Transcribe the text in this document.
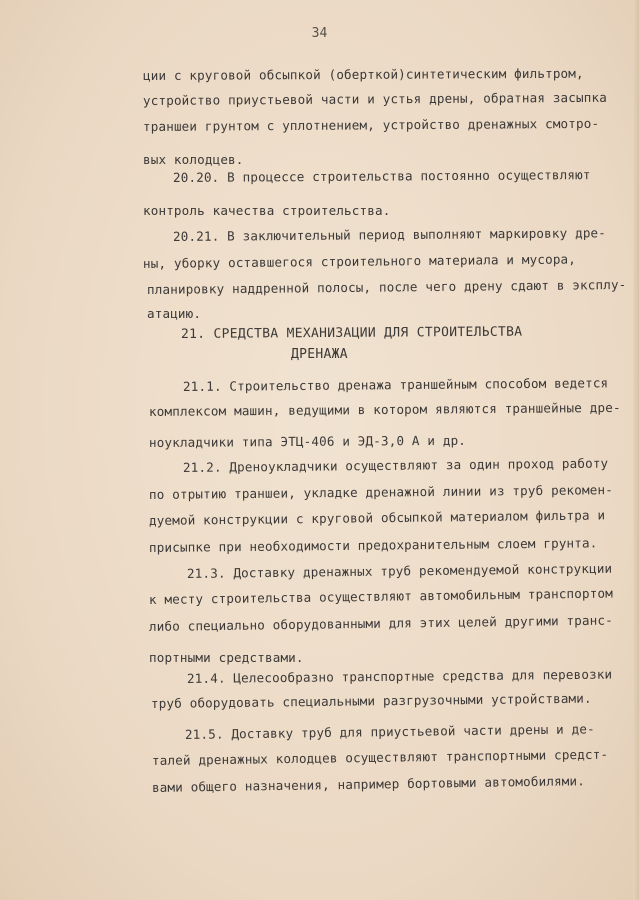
34
ции с круговой обсыпкой (оберткой)синтетическим фильтром,
устройство приустьевой части и устья дрены, обратная засыпка
траншеи грунтом с уплотнением, устройство дренажных смотро-
вых колодцев.
20.20. В процессе строительства постоянно осуществляют
контроль качества строительства.
20.21. В заключительный период выполняют маркировку дре-
ны, уборку оставшегося строительного материала и мусора,
планировку наддренной полосы, после чего дрену сдают в эксплу-
атацию.
21. СРЕДСТВА МЕХАНИЗАЦИИ ДЛЯ СТРОИТЕЛЬСТВА
ДРЕНАЖА
21.1. Строительство дренажа траншейным способом ведется
комплексом машин, ведущими в котором являются траншейные дре-
ноукладчики типа ЭТЦ-406 и ЭД-3,0 А и др.
21.2. Дреноукладчики осуществляют за один проход работу
по отрытию траншеи, укладке дренажной линии из труб рекомен-
дуемой конструкции с круговой обсыпкой материалом фильтра и
присыпке при необходимости предохранительным слоем грунта.
21.3. Доставку дренажных труб рекомендуемой конструкции
к месту строительства осуществляют автомобильным транспортом
либо специально оборудованными для этих целей другими транс-
портными средствами.
21.4. Целесообразно транспортные средства для перевозки
труб оборудовать специальными разгрузочными устройствами.
21.5. Доставку труб для приустьевой части дрены и де-
талей дренажных колодцев осуществляют транспортными средст-
вами общего назначения, например бортовыми автомобилями.
